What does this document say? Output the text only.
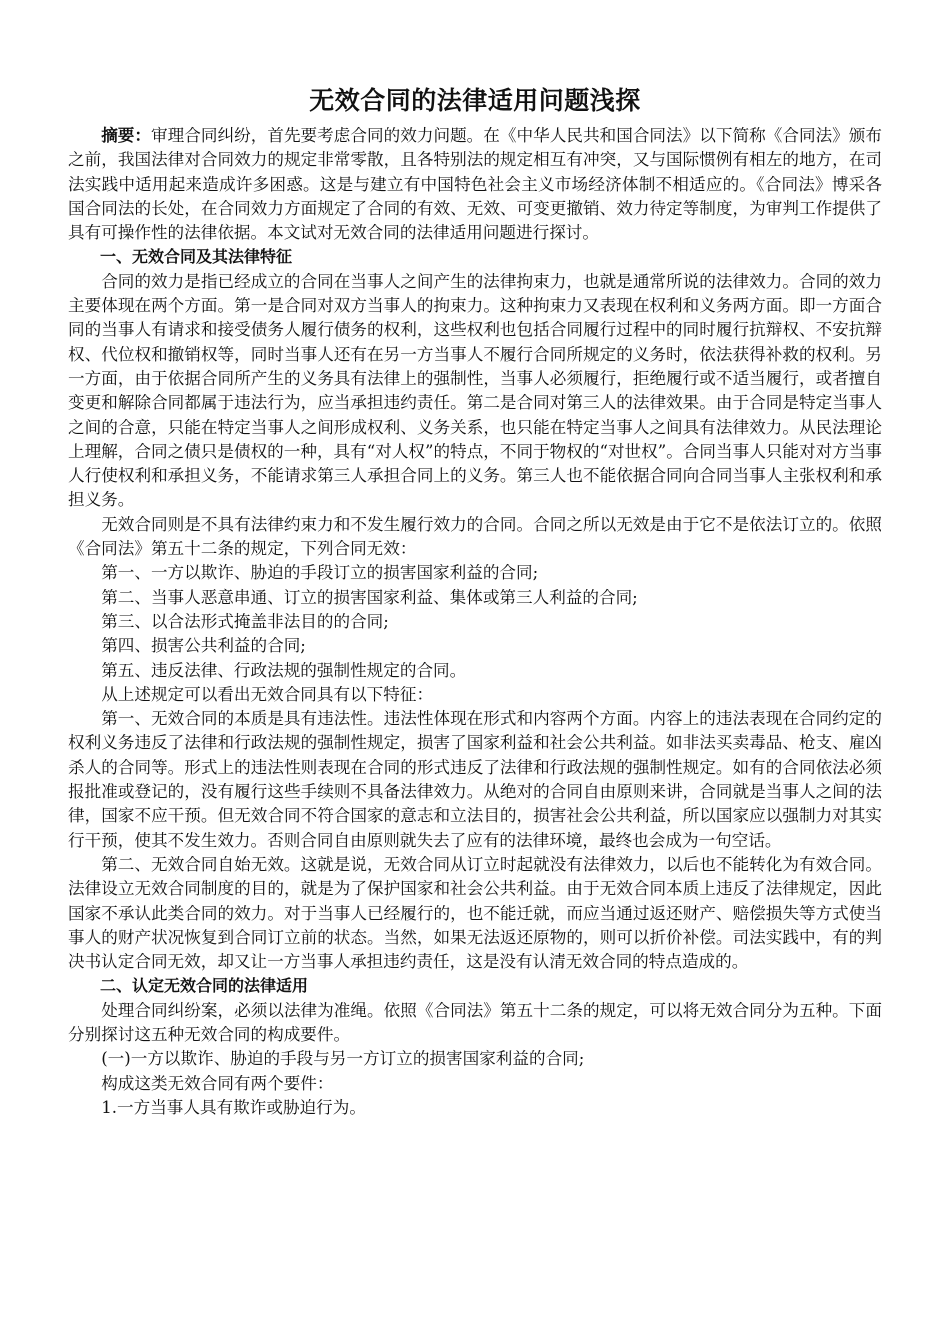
无效合同的法律适用问题浅探

摘要：审理合同纠纷，首先要考虑合同的效力问题。在《中华人民共和国合同法》以下简称《合同法》颁布之前，我国法律对合同效力的规定非常零散，且各特别法的规定相互有冲突，又与国际惯例有相左的地方，在司法实践中适用起来造成许多困惑。这是与建立有中国特色社会主义市场经济体制不相适应的。《合同法》博采各国合同法的长处，在合同效力方面规定了合同的有效、无效、可变更撤销、效力待定等制度，为审判工作提供了具有可操作性的法律依据。本文试对无效合同的法律适用问题进行探讨。

一、无效合同及其法律特征

合同的效力是指已经成立的合同在当事人之间产生的法律拘束力，也就是通常所说的法律效力。合同的效力主要体现在两个方面。第一是合同对双方当事人的拘束力。这种拘束力又表现在权利和义务两方面。即一方面合同的当事人有请求和接受债务人履行债务的权利，这些权利也包括合同履行过程中的同时履行抗辩权、不安抗辩权、代位权和撤销权等，同时当事人还有在另一方当事人不履行合同所规定的义务时，依法获得补救的权利。另一方面，由于依据合同所产生的义务具有法律上的强制性，当事人必须履行，拒绝履行或不适当履行，或者擅自变更和解除合同都属于违法行为，应当承担违约责任。第二是合同对第三人的法律效果。由于合同是特定当事人之间的合意，只能在特定当事人之间形成权利、义务关系，也只能在特定当事人之间具有法律效力。从民法理论上理解，合同之债只是债权的一种，具有“对人权”的特点，不同于物权的“对世权”。合同当事人只能对对方当事人行使权利和承担义务，不能请求第三人承担合同上的义务。第三人也不能依据合同向合同当事人主张权利和承担义务。

无效合同则是不具有法律约束力和不发生履行效力的合同。合同之所以无效是由于它不是依法订立的。依照《合同法》第五十二条的规定，下列合同无效：

第一、一方以欺诈、胁迫的手段订立的损害国家利益的合同;

第二、当事人恶意串通、订立的损害国家利益、集体或第三人利益的合同;

第三、以合法形式掩盖非法目的的合同;

第四、损害公共利益的合同;

第五、违反法律、行政法规的强制性规定的合同。

从上述规定可以看出无效合同具有以下特征：

第一、无效合同的本质是具有违法性。违法性体现在形式和内容两个方面。内容上的违法表现在合同约定的权利义务违反了法律和行政法规的强制性规定，损害了国家利益和社会公共利益。如非法买卖毒品、枪支、雇凶杀人的合同等。形式上的违法性则表现在合同的形式违反了法律和行政法规的强制性规定。如有的合同依法必须报批准或登记的，没有履行这些手续则不具备法律效力。从绝对的合同自由原则来讲，合同就是当事人之间的法律，国家不应干预。但无效合同不符合国家的意志和立法目的，损害社会公共利益，所以国家应以强制力对其实行干预，使其不发生效力。否则合同自由原则就失去了应有的法律环境，最终也会成为一句空话。

第二、无效合同自始无效。这就是说，无效合同从订立时起就没有法律效力，以后也不能转化为有效合同。法律设立无效合同制度的目的，就是为了保护国家和社会公共利益。由于无效合同本质上违反了法律规定，因此国家不承认此类合同的效力。对于当事人已经履行的，也不能迁就，而应当通过返还财产、赔偿损失等方式使当事人的财产状况恢复到合同订立前的状态。当然，如果无法返还原物的，则可以折价补偿。司法实践中，有的判决书认定合同无效，却又让一方当事人承担违约责任，这是没有认清无效合同的特点造成的。

二、认定无效合同的法律适用

处理合同纠纷案，必须以法律为准绳。依照《合同法》第五十二条的规定，可以将无效合同分为五种。下面分别探讨这五种无效合同的构成要件。

(一)一方以欺诈、胁迫的手段与另一方订立的损害国家利益的合同;

构成这类无效合同有两个要件：

1.一方当事人具有欺诈或胁迫行为。
